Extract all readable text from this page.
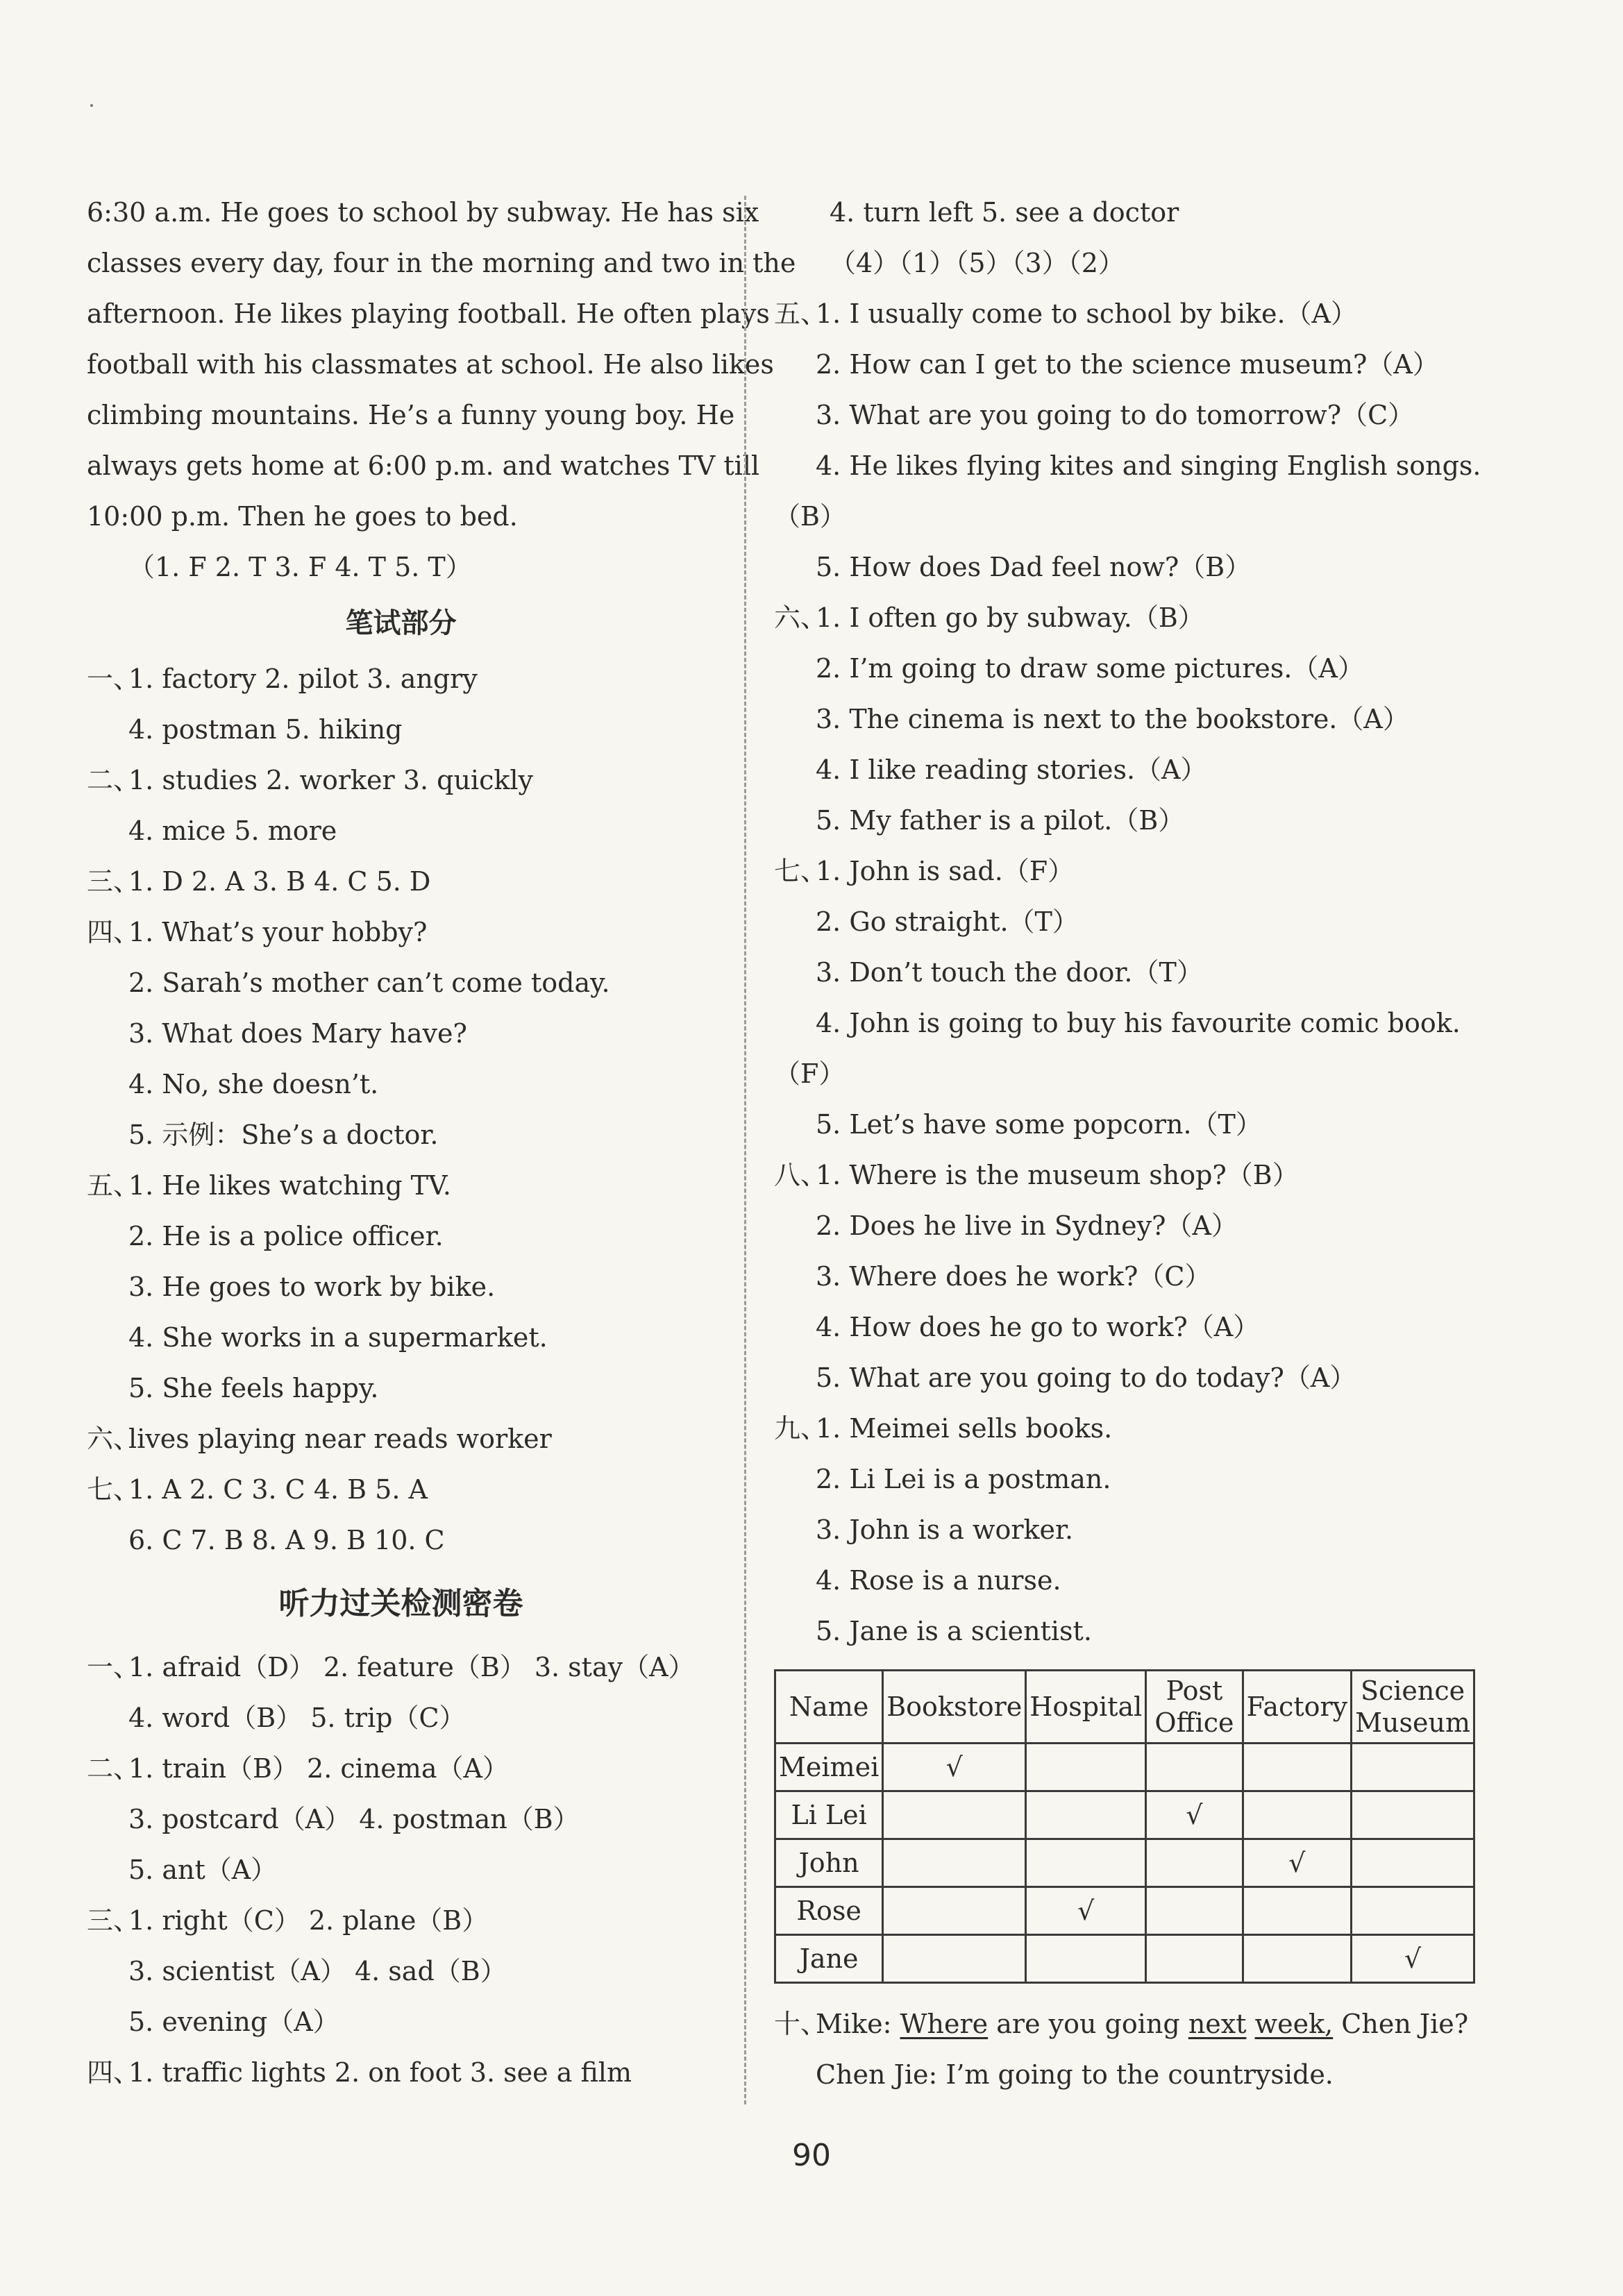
6:30 a.m. He goes to school by subway. He has six
classes every day, four in the morning and two in the
afternoon. He likes playing football. He often plays
football with his classmates at school. He also likes
climbing mountains. He’s a funny young boy. He
always gets home at 6:00 p.m. and watches TV till
10:00 p.m. Then he goes to bed.
（1. F 2. T 3. F 4. T 5. T）
笔试部分
一、1. factory 2. pilot 3. angry
4. postman 5. hiking
二、1. studies 2. worker 3. quickly
4. mice 5. more
三、1. D 2. A 3. B 4. C 5. D
四、1. What’s your hobby?
2. Sarah’s mother can’t come today.
3. What does Mary have?
4. No, she doesn’t.
5. 示例：She’s a doctor.
五、1. He likes watching TV.
2. He is a police officer.
3. He goes to work by bike.
4. She works in a supermarket.
5. She feels happy.
六、lives playing near reads worker
七、1. A 2. C 3. C 4. B 5. A
6. C 7. B 8. A 9. B 10. C
听力过关检测密卷
一、1. afraid（D） 2. feature（B） 3. stay（A）
4. word（B） 5. trip（C）
二、1. train（B） 2. cinema（A）
3. postcard（A） 4. postman（B）
5. ant（A）
三、1. right（C） 2. plane（B）
3. scientist（A） 4. sad（B）
5. evening（A）
四、1. traffic lights 2. on foot 3. see a film
4. turn left 5. see a doctor
（4）（1）（5）（3）（2）
五、1. I usually come to school by bike.（A）
2. How can I get to the science museum?（A）
3. What are you going to do tomorrow?（C）
4. He likes flying kites and singing English songs.
（B）
5. How does Dad feel now?（B）
六、1. I often go by subway.（B）
2. I’m going to draw some pictures.（A）
3. The cinema is next to the bookstore.（A）
4. I like reading stories.（A）
5. My father is a pilot.（B）
七、1. John is sad.（F）
2. Go straight.（T）
3. Don’t touch the door.（T）
4. John is going to buy his favourite comic book.
（F）
5. Let’s have some popcorn.（T）
八、1. Where is the museum shop?（B）
2. Does he live in Sydney?（A）
3. Where does he work?（C）
4. How does he go to work?（A）
5. What are you going to do today?（A）
九、1. Meimei sells books.
2. Li Lei is a postman.
3. John is a worker.
4. Rose is a nurse.
5. Jane is a scientist.
Name	Bookstore	Hospital	Post Office	Factory	Science
Museum

Meimei	√				
Li Lei			√		
John				√	
Rose		√			
Jane					√
十、Mike: Where are you going next week, Chen Jie?
Chen Jie: I’m going to the countryside.
90
